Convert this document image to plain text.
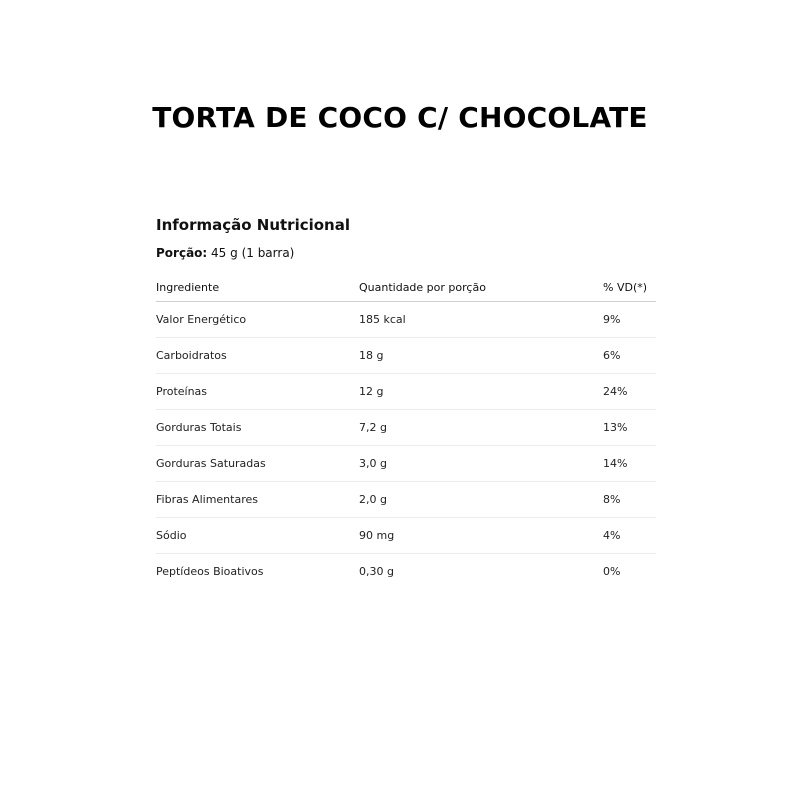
TORTA DE COCO C/ CHOCOLATE
Informação Nutricional
Porção: 45 g (1 barra)
Ingrediente	Quantidade por porção	% VD(*)
Valor Energético	185 kcal	9%
Carboidratos	18 g	6%
Proteínas	12 g	24%
Gorduras Totais	7,2 g	13%
Gorduras Saturadas	3,0 g	14%
Fibras Alimentares	2,0 g	8%
Sódio	90 mg	4%
Peptídeos Bioativos	0,30 g	0%
